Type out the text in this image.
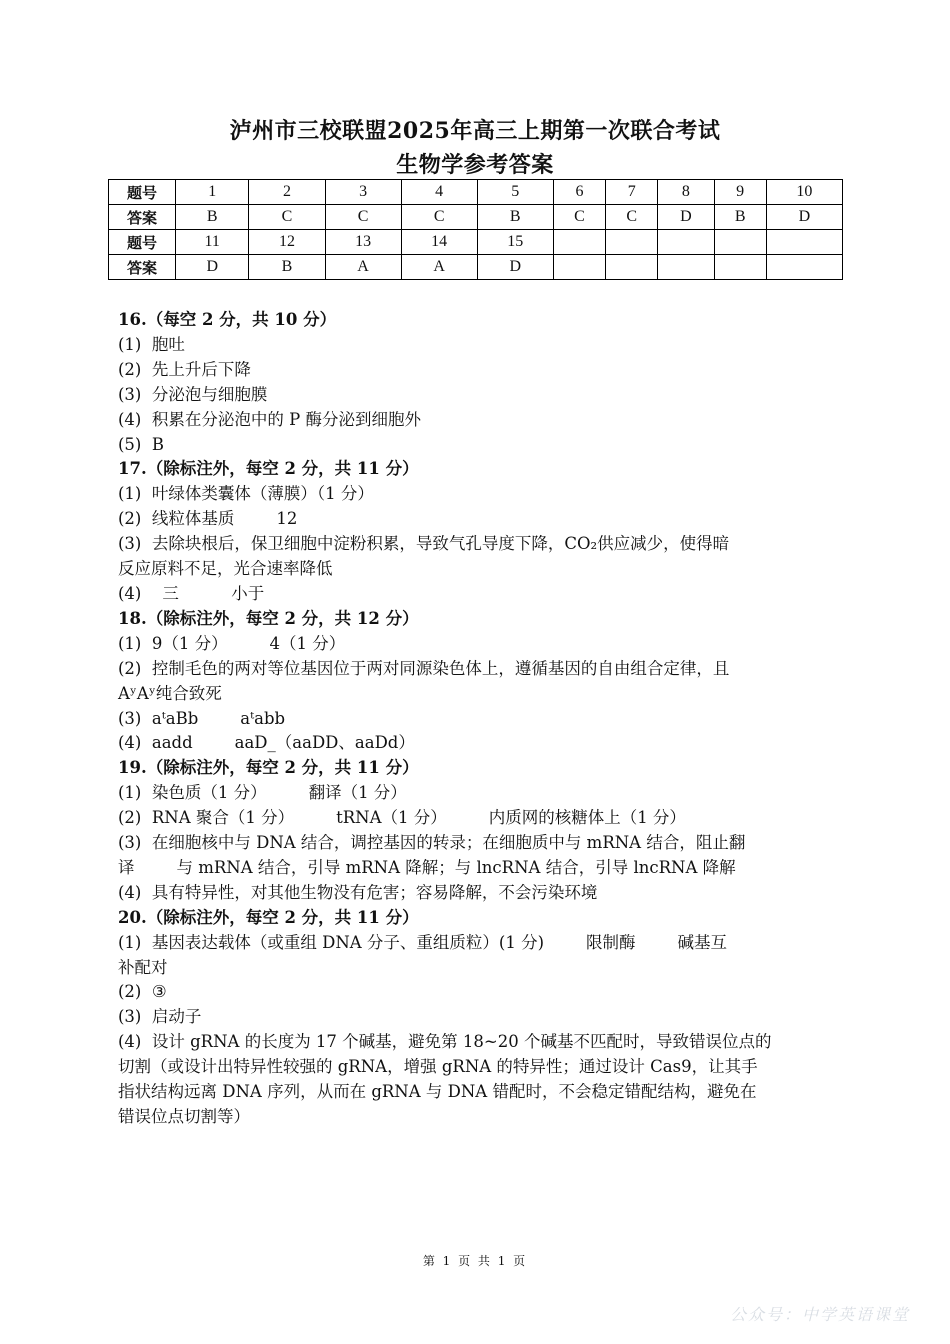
泸州市三校联盟2025年高三上期第一次联合考试
生物学参考答案
题号	1	2	3	4	5	6	7	8	9	10
答案	B	C	C	C	B	C	C	D	B	D
题号	11	12	13	14	15					
答案	D	B	A	A	D					
16.（每空 2 分，共 10 分）
(1)  胞吐
(2)  先上升后下降
(3)  分泌泡与细胞膜
(4)  积累在分泌泡中的 P 酶分泌到细胞外
(5)  B
17.（除标注外，每空 2 分，共 11 分）
(1)  叶绿体类囊体（薄膜）（1 分）
(2)  线粒体基质        12
(3)  去除块根后，保卫细胞中淀粉积累，导致气孔导度下降，CO₂供应减少，使得暗
反应原料不足，光合速率降低
(4)    三          小于
18.（除标注外，每空 2 分，共 12 分）
(1)  9（1 分）        4（1 分）
(2)  控制毛色的两对等位基因位于两对同源染色体上，遵循基因的自由组合定律，且
AʸAʸ纯合致死
(3)  aᵗaBb        aᵗabb
(4)  aadd        aaD_（aaDD、aaDd）
19.（除标注外，每空 2 分，共 11 分）
(1)  染色质（1 分）        翻译（1 分）
(2)  RNA 聚合（1 分）        tRNA（1 分）        内质网的核糖体上（1 分）
(3)  在细胞核中与 DNA 结合，调控基因的转录；在细胞质中与 mRNA 结合，阻止翻
译        与 mRNA 结合，引导 mRNA 降解；与 lncRNA 结合，引导 lncRNA 降解
(4)  具有特异性，对其他生物没有危害；容易降解，不会污染环境
20.（除标注外，每空 2 分，共 11 分）
(1)  基因表达载体（或重组 DNA 分子、重组质粒）(1 分)        限制酶        碱基互
补配对
(2)  ③
(3)  启动子
(4)  设计 gRNA 的长度为 17 个碱基，避免第 18~20 个碱基不匹配时，导致错误位点的
切割（或设计出特异性较强的 gRNA，增强 gRNA 的特异性；通过设计 Cas9，让其手
指状结构远离 DNA 序列，从而在 gRNA 与 DNA 错配时，不会稳定错配结构，避免在
错误位点切割等）
第 1 页 共 1 页
公众号：中学英语课堂
